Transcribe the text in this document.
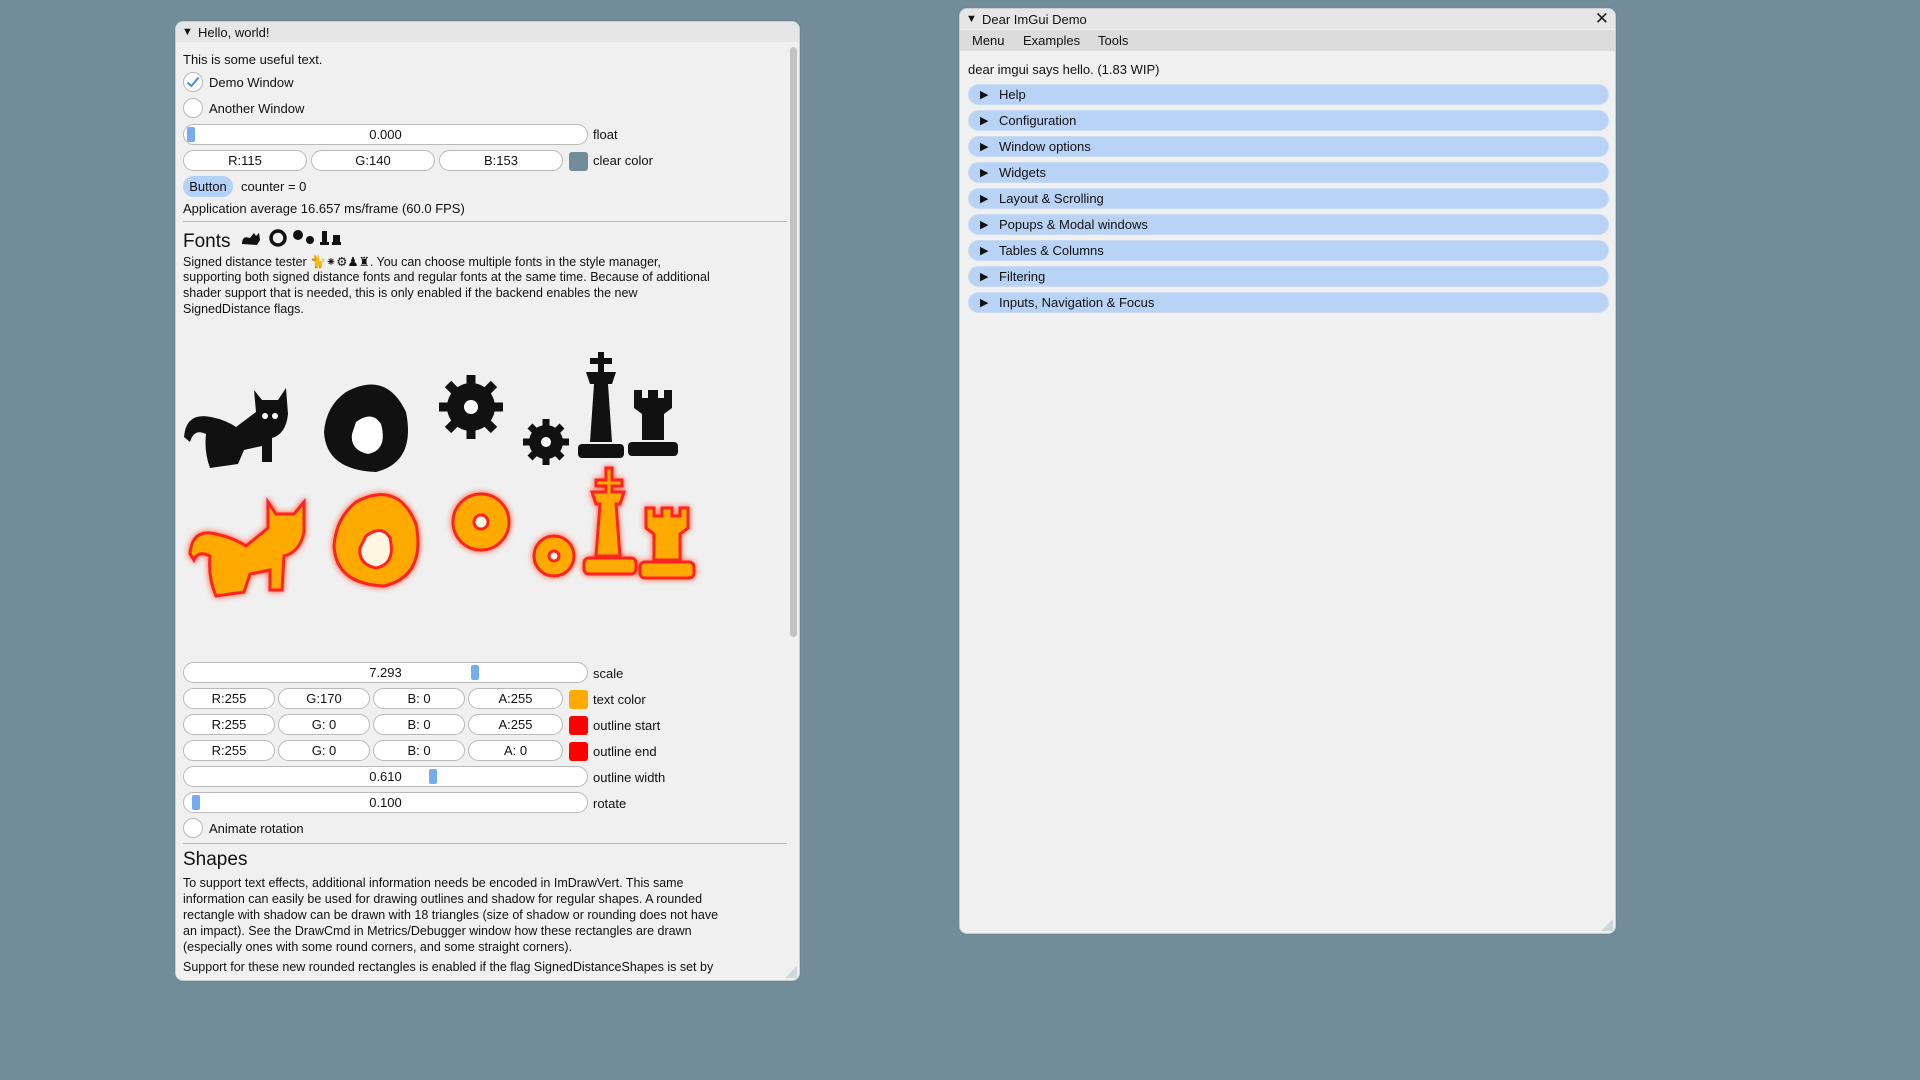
▼ Hello, world!
This is some useful text.
Demo Window
Another Window
0.000	float
R:115	G:140	B:153	clear color
Button counter = 0
Application average 16.657 ms/frame (60.0 FPS)
Fonts
Signed distance tester 🐈⁕⚙♟♜. You can choose multiple fonts in the style manager,
supporting both signed distance fonts and regular fonts at the same time. Because of additional
shader support that is needed, this is only enabled if the backend enables the new
SignedDistance flags.
7.293	scale
R:255	G:170	B: 0	A:255	text color
R:255	G: 0	B: 0	A:255	outline start
R:255	G: 0	B: 0	A: 0	outline end
0.610	outline width
0.100	rotate
Animate rotation
Shapes
To support text effects, additional information needs be encoded in ImDrawVert. This same
information can easily be used for drawing outlines and shadow for regular shapes. A rounded
rectangle with shadow can be drawn with 18 triangles (size of shadow or rounding does not have
an impact). See the DrawCmd in Metrics/Debugger window how these rectangles are drawn
(especially ones with some round corners, and some straight corners).
Support for these new rounded rectangles is enabled if the flag SignedDistanceShapes is set by
▼ Dear ImGui Demo	✕
Menu Examples Tools
dear imgui says hello. (1.83 WIP)
▶ Help
▶ Configuration
▶ Window options
▶ Widgets
▶ Layout & Scrolling
▶ Popups & Modal windows
▶ Tables & Columns
▶ Filtering
▶ Inputs, Navigation & Focus
